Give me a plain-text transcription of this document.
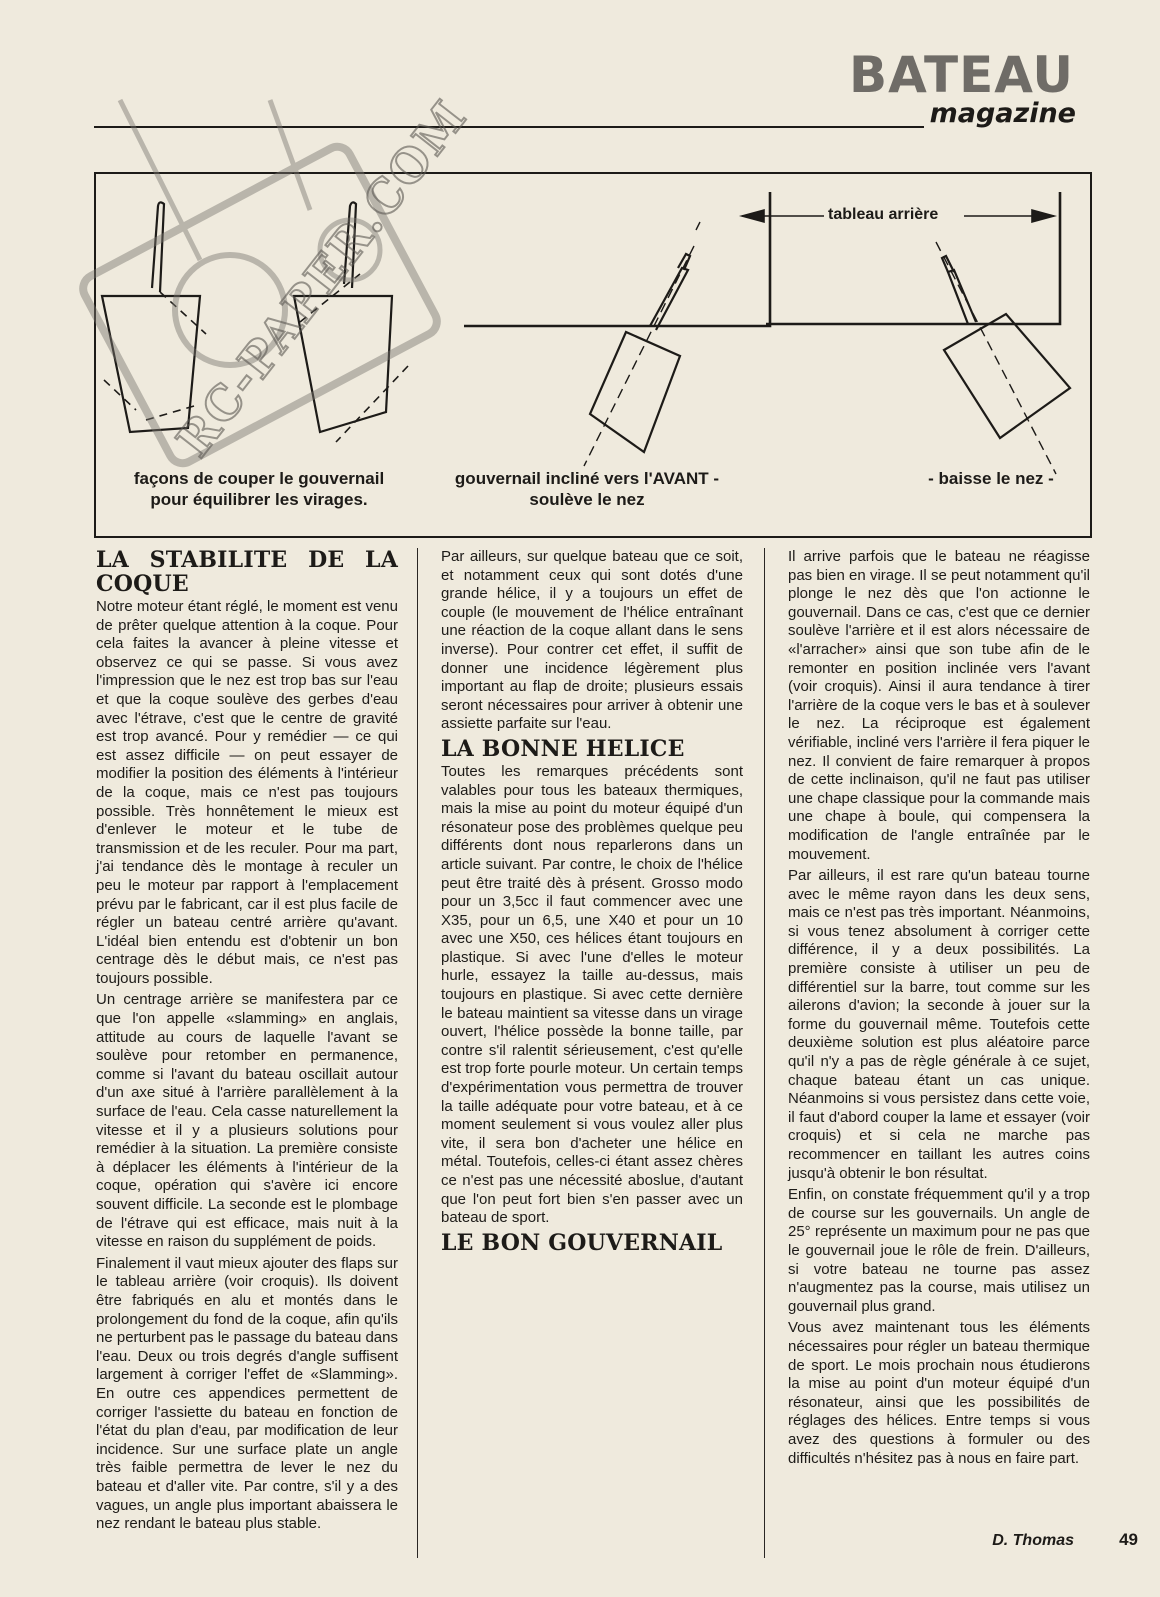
BATEAU
magazine
tableau arrière
façons de couper le gouvernail
pour équilibrer les virages.
gouvernail incliné vers l'AVANT -
soulève le nez
- baisse le nez -
RC-PAPER.COM
LA STABILITE DE LA COQUE

Notre moteur étant réglé, le moment est venu de prêter quelque attention à la coque. Pour cela faites la avancer à pleine vitesse et observez ce qui se passe. Si vous avez l'impression que le nez est trop bas sur l'eau et que la coque soulève des gerbes d'eau avec l'étrave, c'est que le centre de gravité est trop avancé. Pour y remédier — ce qui est assez difficile — on peut essayer de modifier la position des éléments à l'intérieur de la coque, mais ce n'est pas toujours possible. Très honnêtement le mieux est d'enlever le moteur et le tube de transmission et de les reculer. Pour ma part, j'ai tendance dès le montage à reculer un peu le moteur par rapport à l'emplacement prévu par le fabricant, car il est plus facile de régler un bateau centré arrière qu'avant. L'idéal bien entendu est d'obtenir un bon centrage dès le début mais, ce n'est pas toujours possible.

Un centrage arrière se manifestera par ce que l'on appelle «slamming» en anglais, attitude au cours de laquelle l'avant se soulève pour retomber en permanence, comme si l'avant du bateau oscillait autour d'un axe situé à l'arrière parallèlement à la surface de l'eau. Cela casse naturellement la vitesse et il y a plusieurs solutions pour remédier à la situation. La première consiste à déplacer les éléments à l'intérieur de la coque, opération qui s'avère ici encore souvent difficile. La seconde est le plombage de l'étrave qui est efficace, mais nuit à la vitesse en raison du supplément de poids.

Finalement il vaut mieux ajouter des flaps sur le tableau arrière (voir croquis). Ils doivent être fabriqués en alu et montés dans le prolongement du fond de la coque, afin qu'ils ne perturbent pas le passage du bateau dans l'eau. Deux ou trois degrés d'angle suffisent largement à corriger l'effet de «Slamming». En outre ces appendices permettent de corriger l'assiette du bateau en fonction de l'état du plan d'eau, par modification de leur incidence. Sur une surface plate un angle très faible permettra de lever le nez du bateau et d'aller vite. Par contre, s'il y a des vagues, un angle plus important abaissera le nez rendant le bateau plus stable.

Par ailleurs, sur quelque bateau que ce soit, et notamment ceux qui sont dotés d'une grande hélice, il y a toujours un effet de couple (le mouvement de l'hélice entraînant une réaction de la coque allant dans le sens inverse). Pour contrer cet effet, il suffit de donner une incidence légèrement plus important au flap de droite; plusieurs essais seront nécessaires pour arriver à obtenir une assiette parfaite sur l'eau.

LA BONNE HELICE

Toutes les remarques précédents sont valables pour tous les bateaux thermiques, mais la mise au point du moteur équipé d'un résonateur pose des problèmes quelque peu différents dont nous reparlerons dans un article suivant. Par contre, le choix de l'hélice peut être traité dès à présent. Grosso modo pour un 3,5cc il faut commencer avec une X35, pour un 6,5, une X40 et pour un 10 avec une X50, ces hélices étant toujours en plastique. Si avec l'une d'elles le moteur hurle, essayez la taille au-dessus, mais toujours en plastique. Si avec cette dernière le bateau maintient sa vitesse dans un virage ouvert, l'hélice possède la bonne taille, par contre s'il ralentit sérieusement, c'est qu'elle est trop forte pourle moteur. Un certain temps d'expérimentation vous permettra de trouver la taille adéquate pour votre bateau, et à ce moment seulement si vous voulez aller plus vite, il sera bon d'acheter une hélice en métal. Toutefois, celles-ci étant assez chères ce n'est pas une nécessité aboslue, d'autant que l'on peut fort bien s'en passer avec un bateau de sport.

LE BON GOUVERNAIL

Il arrive parfois que le bateau ne réagisse pas bien en virage. Il se peut notamment qu'il plonge le nez dès que l'on actionne le gouvernail. Dans ce cas, c'est que ce dernier soulève l'arrière et il est alors nécessaire de «l'arracher» ainsi que son tube afin de le remonter en position inclinée vers l'avant (voir croquis). Ainsi il aura tendance à tirer l'arrière de la coque vers le bas et à soulever le nez. La réciproque est également vérifiable, incliné vers l'arrière il fera piquer le nez. Il convient de faire remarquer à propos de cette inclinaison, qu'il ne faut pas utiliser une chape classique pour la commande mais une chape à boule, qui compensera la modification de l'angle entraînée par le mouvement.

Par ailleurs, il est rare qu'un bateau tourne avec le même rayon dans les deux sens, mais ce n'est pas très important. Néanmoins, si vous tenez absolument à corriger cette différence, il y a deux possibilités. La première consiste à utiliser un peu de différentiel sur la barre, tout comme sur les ailerons d'avion; la seconde à jouer sur la forme du gouvernail même. Toutefois cette deuxième solution est plus aléatoire parce qu'il n'y a pas de règle générale à ce sujet, chaque bateau étant un cas unique. Néanmoins si vous persistez dans cette voie, il faut d'abord couper la lame et essayer (voir croquis) et si cela ne marche pas recommencer en taillant les autres coins jusqu'à obtenir le bon résultat.

Enfin, on constate fréquemment qu'il y a trop de course sur les gouvernails. Un angle de 25° représente un maximum pour ne pas que le gouvernail joue le rôle de frein. D'ailleurs, si votre bateau ne tourne pas assez n'augmentez pas la course, mais utilisez un gouvernail plus grand.

Vous avez maintenant tous les éléments nécessaires pour régler un bateau thermique de sport. Le mois prochain nous étudierons la mise au point d'un moteur équipé d'un résonateur, ainsi que les possibilités de réglages des hélices. Entre temps si vous avez des questions à formuler ou des difficultés n'hésitez pas à nous en faire part.

D. Thomas	49
